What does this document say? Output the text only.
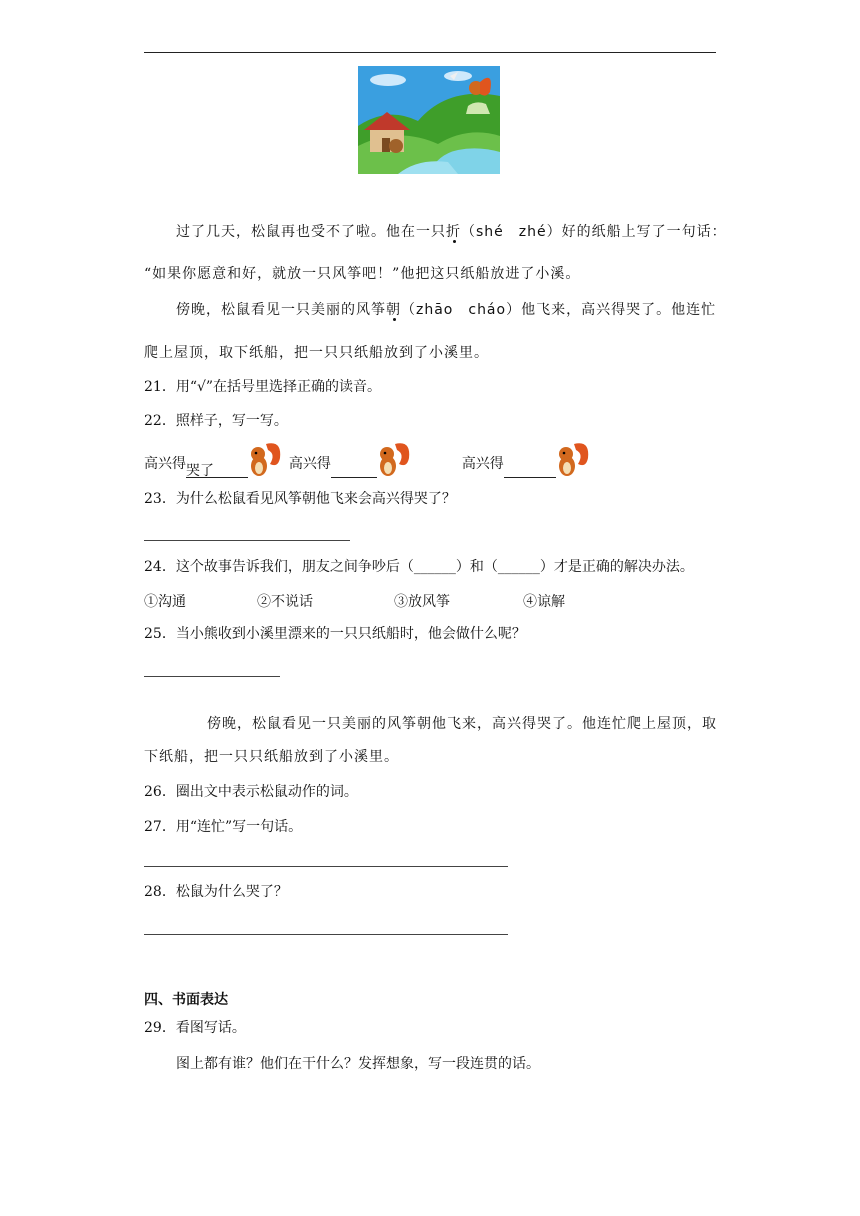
过了几天，松鼠再也受不了啦。他在一只折（shé　zhé）好的纸船上写了一句话：
“如果你愿意和好，就放一只风筝吧！”他把这只纸船放进了小溪。
傍晚，松鼠看见一只美丽的风筝朝（zhāo　cháo）他飞来，高兴得哭了。他连忙
爬上屋顶，取下纸船，把一只只纸船放到了小溪里。
21．用“√”在括号里选择正确的读音。
22．照样子，写一写。
高兴得哭了	高兴得	高兴得
23．为什么松鼠看见风筝朝他飞来会高兴得哭了？
24．这个故事告诉我们，朋友之间争吵后（______）和（______）才是正确的解决办法。
①沟通	②不说话	③放风筝	④谅解
25．当小熊收到小溪里漂来的一只只纸船时，他会做什么呢？
傍晚，松鼠看见一只美丽的风筝朝他飞来，高兴得哭了。他连忙爬上屋顶，取
下纸船，把一只只纸船放到了小溪里。
26．圈出文中表示松鼠动作的词。
27．用“连忙”写一句话。
28．松鼠为什么哭了？
四、书面表达
29．看图写话。
图上都有谁？他们在干什么？发挥想象，写一段连贯的话。
